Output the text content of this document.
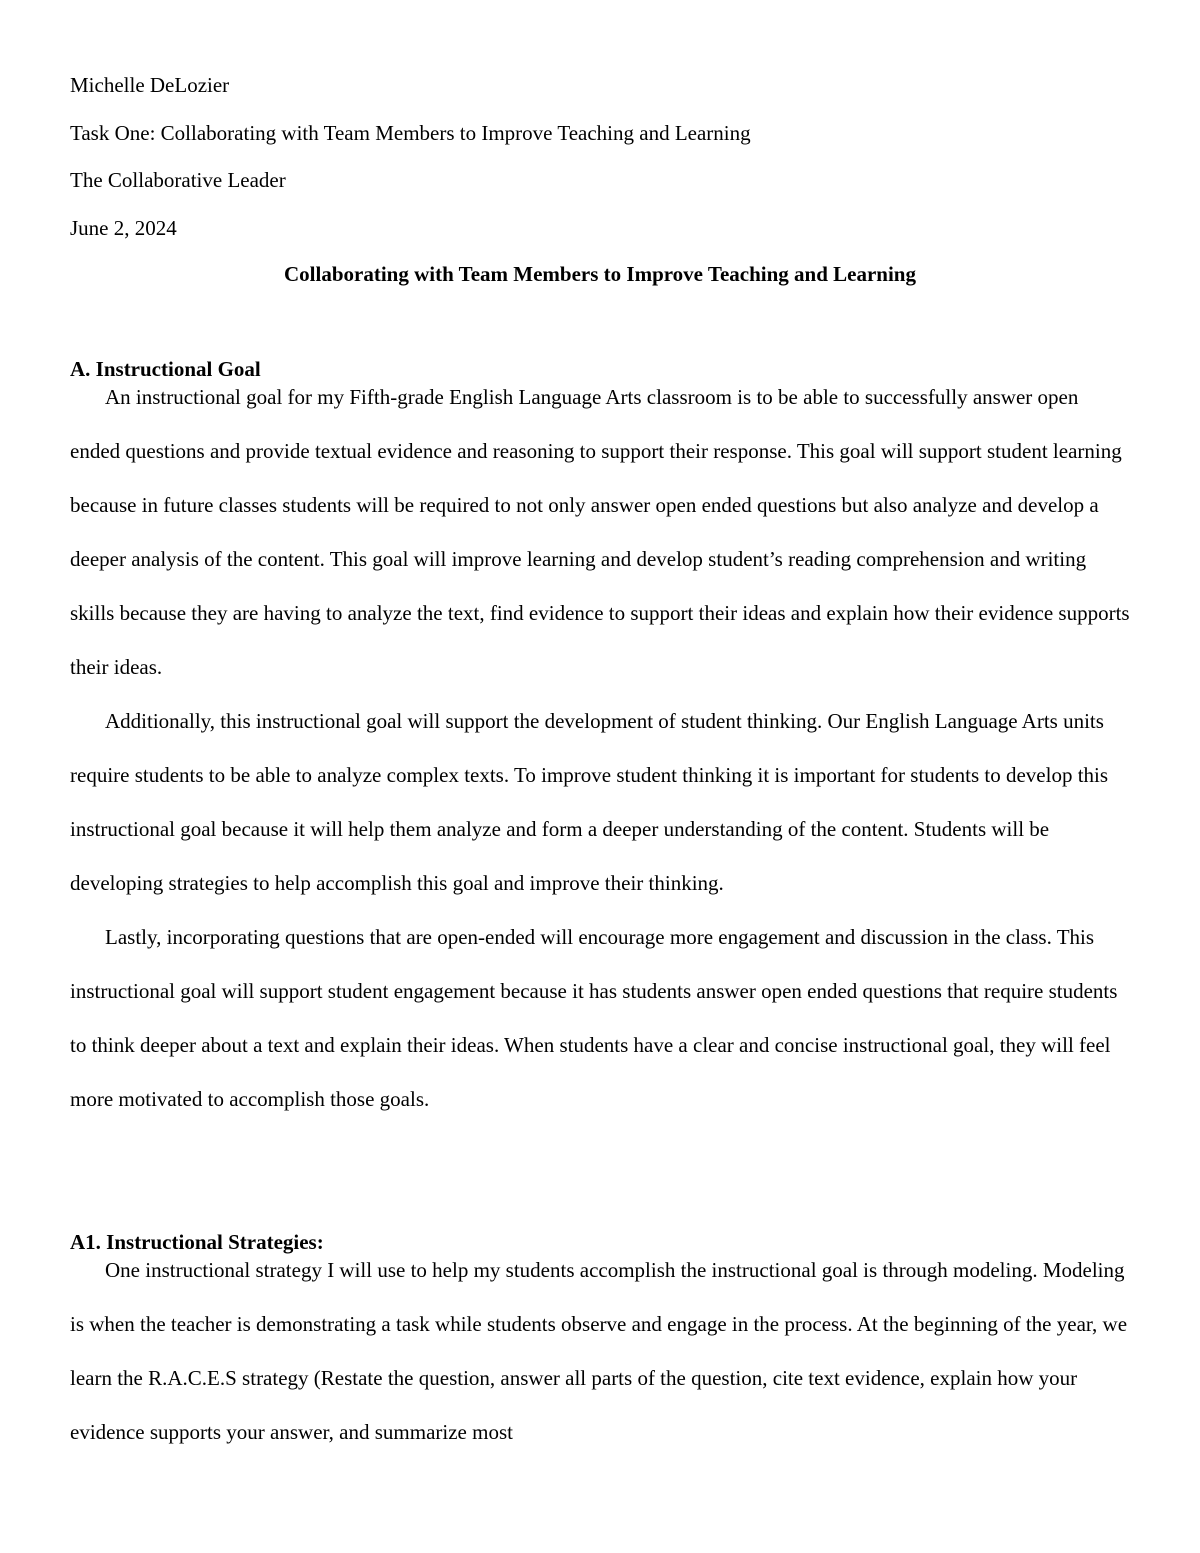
Michelle DeLozier

Task One: Collaborating with Team Members to Improve Teaching and Learning

The Collaborative Leader

June 2, 2024

Collaborating with Team Members to Improve Teaching and Learning

A. Instructional Goal

An instructional goal for my Fifth-grade English Language Arts classroom is to be able to successfully answer open ended questions and provide textual evidence and reasoning to support their response. This goal will support student learning because in future classes students will be required to not only answer open ended questions but also analyze and develop a deeper analysis of the content. This goal will improve learning and develop student’s reading comprehension and writing skills because they are having to analyze the text, find evidence to support their ideas and explain how their evidence supports their ideas.

Additionally, this instructional goal will support the development of student thinking. Our English Language Arts units require students to be able to analyze complex texts. To improve student thinking it is important for students to develop this instructional goal because it will help them analyze and form a deeper understanding of the content. Students will be developing strategies to help accomplish this goal and improve their thinking.

Lastly, incorporating questions that are open-ended will encourage more engagement and discussion in the class. This instructional goal will support student engagement because it has students answer open ended questions that require students to think deeper about a text and explain their ideas. When students have a clear and concise instructional goal, they will feel more motivated to accomplish those goals.

A1. Instructional Strategies:

One instructional strategy I will use to help my students accomplish the instructional goal is through modeling. Modeling is when the teacher is demonstrating a task while students observe and engage in the process. At the beginning of the year, we learn the R.A.C.E.S strategy (Restate the question, answer all parts of the question, cite text evidence, explain how your evidence supports your answer, and summarize most
